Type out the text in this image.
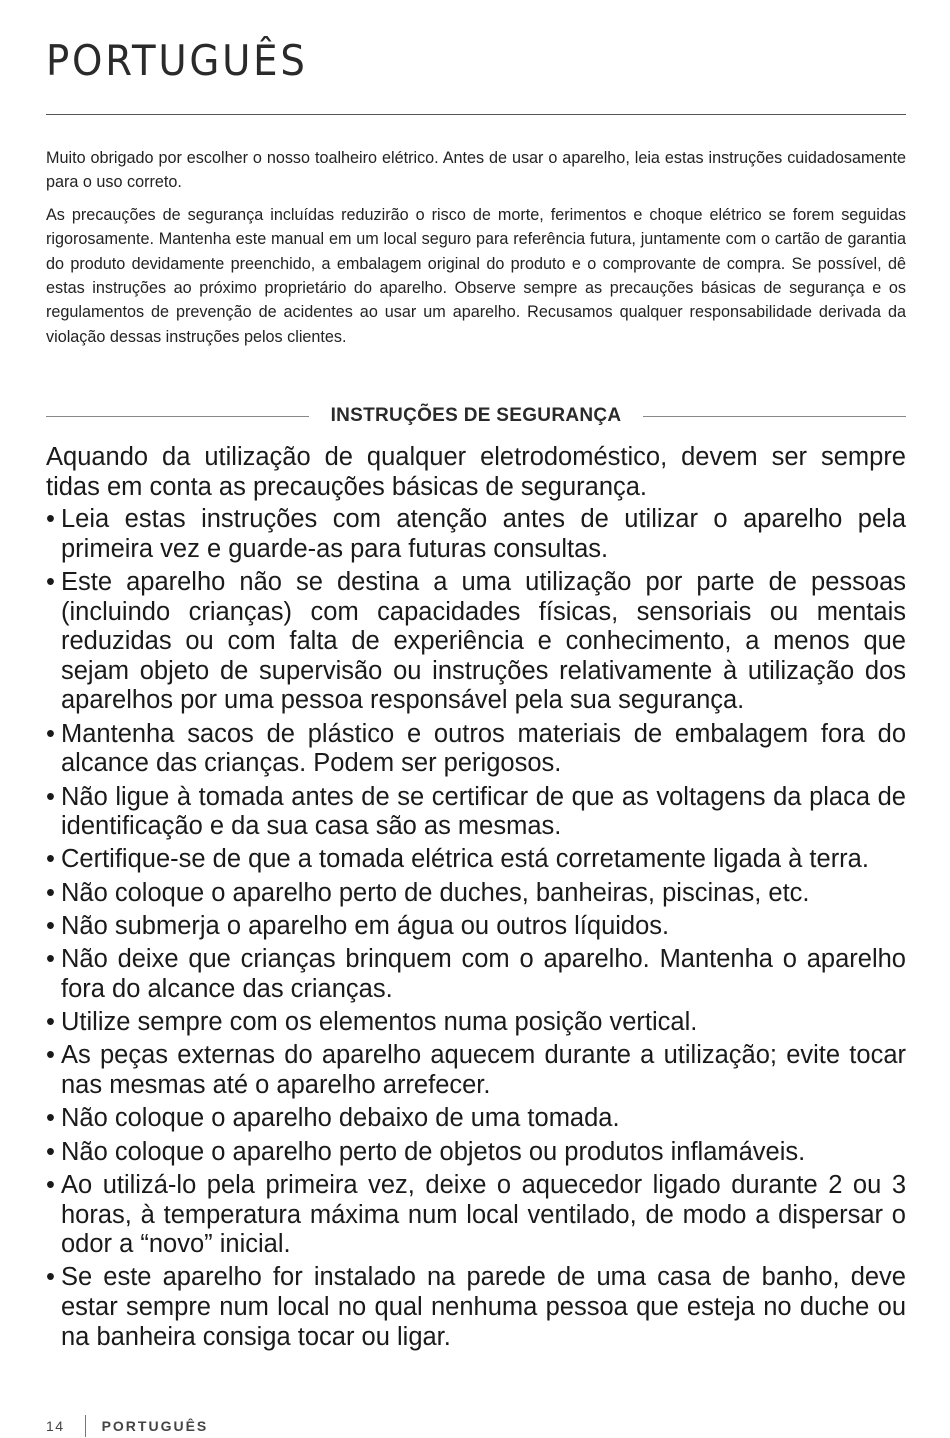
PORTUGUÊS

Muito obrigado por escolher o nosso toalheiro elétrico. Antes de usar o aparelho, leia estas instruções cuidadosamente para o uso correto.

As precauções de segurança incluídas reduzirão o risco de morte, ferimentos e choque elétrico se forem seguidas rigorosamente. Mantenha este manual em um local seguro para referência futura, juntamente com o cartão de garantia do produto devidamente preenchido, a embalagem original do produto e o comprovante de compra. Se possível, dê estas instruções ao próximo proprietário do aparelho. Observe sempre as precauções básicas de segurança e os regulamentos de prevenção de acidentes ao usar um aparelho. Recusamos qualquer responsabilidade derivada da violação dessas instruções pelos clientes.

INSTRUÇÕES DE SEGURANÇA

Aquando da utilização de qualquer eletrodoméstico, devem ser sempre tidas em conta as precauções básicas de segurança.

• Leia estas instruções com atenção antes de utilizar o aparelho pela primeira vez e guarde-as para futuras consultas.
• Este aparelho não se destina a uma utilização por parte de pessoas (incluindo crianças) com capacidades físicas, sensoriais ou mentais reduzidas ou com falta de experiência e conhecimento, a menos que sejam objeto de supervisão ou instruções relativamente à utilização dos aparelhos por uma pessoa responsável pela sua segurança.
• Mantenha sacos de plástico e outros materiais de embalagem fora do alcance das crianças. Podem ser perigosos.
• Não ligue à tomada antes de se certificar de que as voltagens da placa de identificação e da sua casa são as mesmas.
• Certifique-se de que a tomada elétrica está corretamente ligada à terra.
• Não coloque o aparelho perto de duches, banheiras, piscinas, etc.
• Não submerja o aparelho em água ou outros líquidos.
• Não deixe que crianças brinquem com o aparelho. Mantenha o aparelho fora do alcance das crianças.
• Utilize sempre com os elementos numa posição vertical.
• As peças externas do aparelho aquecem durante a utilização; evite tocar nas mesmas até o aparelho arrefecer.
• Não coloque o aparelho debaixo de uma tomada.
• Não coloque o aparelho perto de objetos ou produtos inflamáveis.
• Ao utilizá-lo pela primeira vez, deixe o aquecedor ligado durante 2 ou 3 horas, à temperatura máxima num local ventilado, de modo a dispersar o odor a “novo” inicial.
• Se este aparelho for instalado na parede de uma casa de banho, deve estar sempre num local no qual nenhuma pessoa que esteja no duche ou na banheira consiga tocar ou ligar.
14	PORTUGUÊS
